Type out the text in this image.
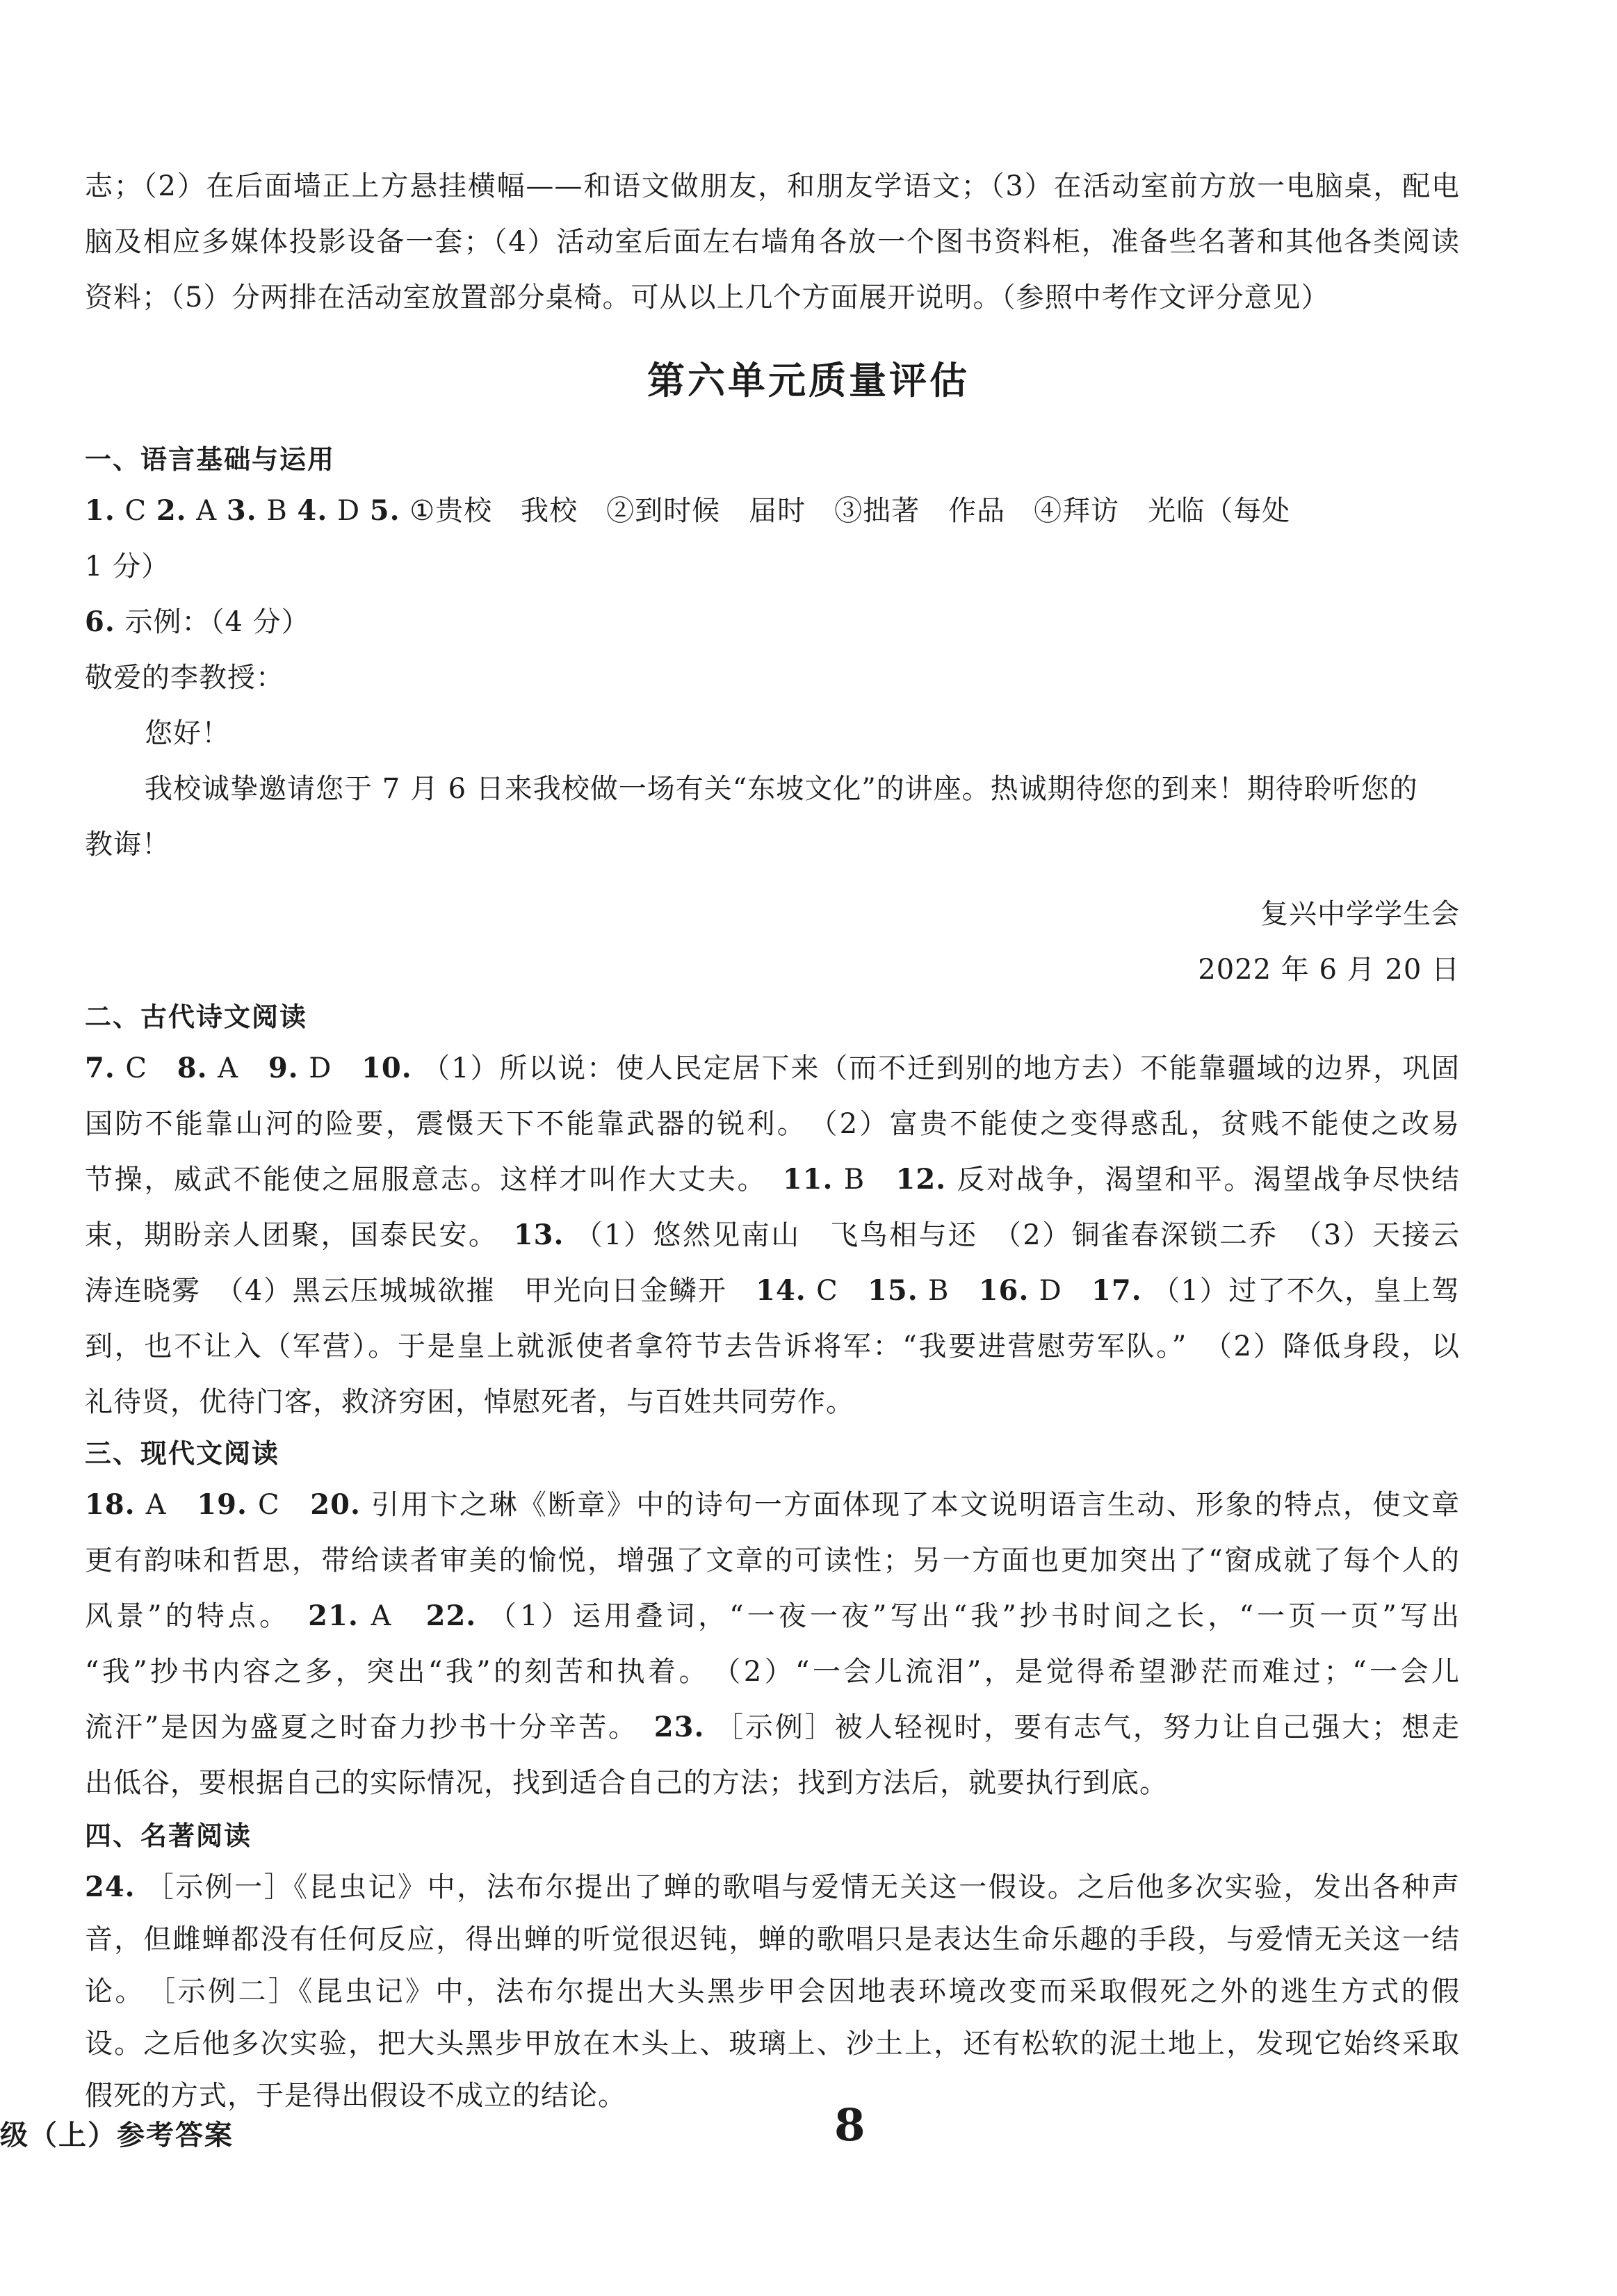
志；（2）在后面墙正上方悬挂横幅——和语文做朋友，和朋友学语文；（3）在活动室前方放一电脑桌，配电
脑及相应多媒体投影设备一套；（4）活动室后面左右墙角各放一个图书资料柜，准备些名著和其他各类阅读
资料；（5）分两排在活动室放置部分桌椅。可从以上几个方面展开说明。（参照中考作文评分意见）
第六单元质量评估
一、语言基础与运用
1. C 2. A 3. B 4. D 5. ①贵校　我校　②到时候　届时　③拙著　作品　④拜访　光临（每处
1 分）
6. 示例：（4 分）
敬爱的李教授：
您好！
我校诚挚邀请您于 7 月 6 日来我校做一场有关“东坡文化”的讲座。热诚期待您的到来！期待聆听您的
教诲！
复兴中学学生会
2022 年 6 月 20 日
二、古代诗文阅读
7. C　8. A　9. D　10. （1）所以说：使人民定居下来（而不迁到别的地方去）不能靠疆域的边界，巩固
国防不能靠山河的险要，震慑天下不能靠武器的锐利。　（2）富贵不能使之变得惑乱，贫贱不能使之改易
节操，威武不能使之屈服意志。这样才叫作大丈夫。　11. B　12. 反对战争，渴望和平。渴望战争尽快结
束，期盼亲人团聚，国泰民安。　13. （1）悠然见南山　飞鸟相与还　（2）铜雀春深锁二乔　（3）天接云
涛连晓雾　（4）黑云压城城欲摧　甲光向日金鳞开　14. C　15. B　16. D　17. （1）过了不久，皇上驾
到，也不让入（军营）。于是皇上就派使者拿符节去告诉将军：“我要进营慰劳军队。”　（2）降低身段，以
礼待贤，优待门客，救济穷困，悼慰死者，与百姓共同劳作。
三、现代文阅读
18. A　19. C　20. 引用卞之琳《断章》中的诗句一方面体现了本文说明语言生动、形象的特点，使文章
更有韵味和哲思，带给读者审美的愉悦，增强了文章的可读性；另一方面也更加突出了“窗成就了每个人的
风景”的特点。　21. A　22. （1）运用叠词，“一夜一夜”写出“我”抄书时间之长，“一页一页”写出
“我”抄书内容之多，突出“我”的刻苦和执着。　（2）“一会儿流泪”，是觉得希望渺茫而难过；“一会儿
流汗”是因为盛夏之时奋力抄书十分辛苦。　23. ［示例］被人轻视时，要有志气，努力让自己强大；想走
出低谷，要根据自己的实际情况，找到适合自己的方法；找到方法后，就要执行到底。
四、名著阅读
24. ［示例一］《昆虫记》中，法布尔提出了蝉的歌唱与爱情无关这一假设。之后他多次实验，发出各种声
音，但雌蝉都没有任何反应，得出蝉的听觉很迟钝，蝉的歌唱只是表达生命乐趣的手段，与爱情无关这一结
论。　［示例二］《昆虫记》中，法布尔提出大头黑步甲会因地表环境改变而采取假死之外的逃生方式的假
设。之后他多次实验，把大头黑步甲放在木头上、玻璃上、沙土上，还有松软的泥土地上，发现它始终采取
假死的方式，于是得出假设不成立的结论。
级（上）参考答案	8
